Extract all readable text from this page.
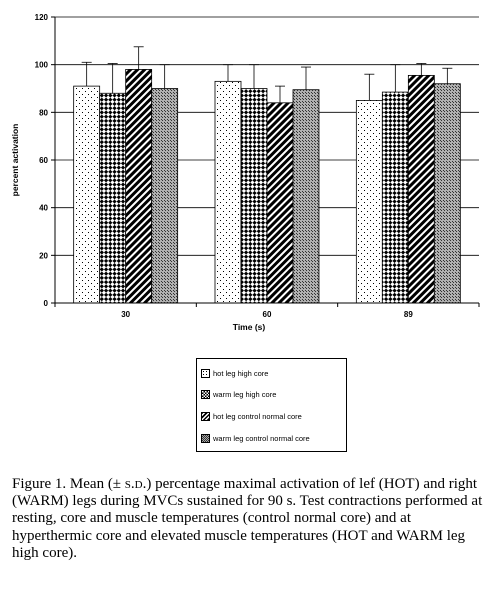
0
20
40
60
80
100
120
30	60	89
percent activation
Time (s)
hot leg high core
warm leg high core
hot leg control normal core
warm leg control normal core
Figure 1. Mean (± s.d.) percentage maximal activation of lef (HOT) and right (WARM) legs during MVCs sustained for 90 s. Test contractions performed at resting, core and muscle temperatures (control normal core) and at hyperthermic core and elevated muscle temperatures (HOT and WARM leg high core).
